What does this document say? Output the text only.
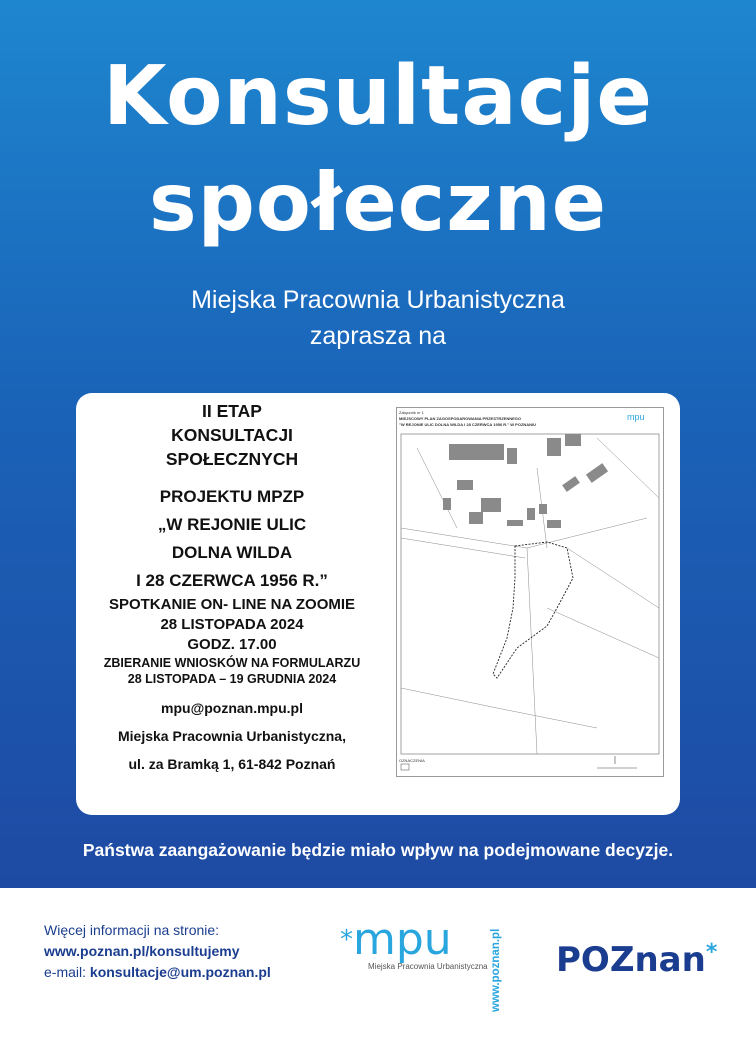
Konsultacje
społeczne
Miejska Pracownia Urbanistyczna
zaprasza na
II ETAP
KONSULTACJI
SPOŁECZNYCH
PROJEKTU MPZP
„W REJONIE ULIC
DOLNA WILDA
I 28 CZERWCA 1956 R.”
SPOTKANIE ON- LINE NA ZOOMIE
28 LISTOPADA 2024
GODZ. 17.00
ZBIERANIE WNIOSKÓW NA FORMULARZU
28 LISTOPADA – 19 GRUDNIA 2024
mpu@poznan.mpu.pl
Miejska Pracownia Urbanistyczna,
ul. za Bramką 1, 61-842 Poznań
Załącznik nr 1
MIEJSCOWY PLAN ZAGOSPODAROWANIA PRZESTRZENNEGO
"W REJONIE ULIC DOLNA WILDA I 28 CZERWCA 1956 R." W POZNANIU
mpu
OZNACZENIA
Państwa zaangażowanie będzie miało wpływ na podejmowane decyzje.
Więcej informacji na stronie:
www.poznan.pl/konsultujemy
e-mail: konsultacje@um.poznan.pl
*mpu
Miejska Pracownia Urbanistyczna www.poznan.pl POZnan*
